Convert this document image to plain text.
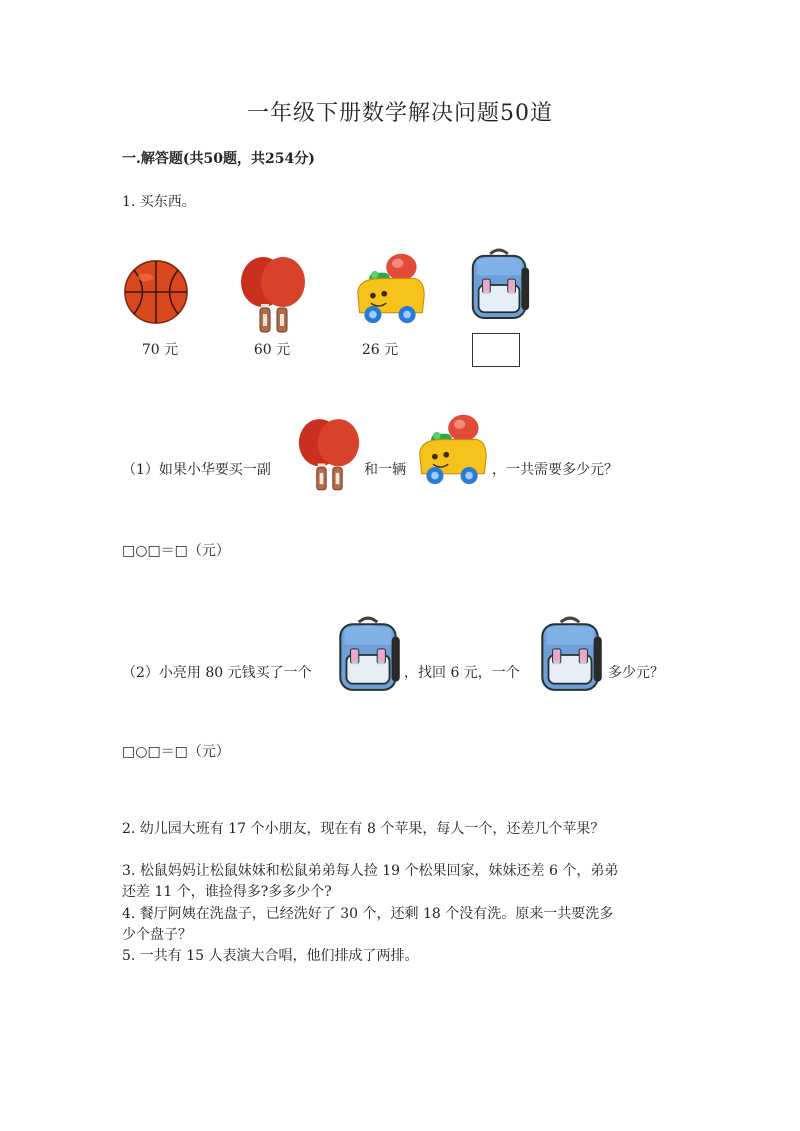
一年级下册数学解决问题50道
一.解答题(共50题，共254分)
1. 买东西。
70 元	60 元	26 元
（1）如果小华要买一副	和一辆	，一共需要多少元？
□○□＝□（元）
（2）小亮用 80 元钱买了一个	，找回 6 元，一个	多少元？
□○□＝□（元）
2. 幼儿园大班有 17 个小朋友，现在有 8 个苹果，每人一个，还差几个苹果？
3. 松鼠妈妈让松鼠妹妹和松鼠弟弟每人捡 19 个松果回家，妹妹还差 6 个，弟弟
还差 11 个，谁捡得多?多多少个?
4. 餐厅阿姨在洗盘子，已经洗好了 30 个，还剩 18 个没有洗。原来一共要洗多
少个盘子？
5. 一共有 15 人表演大合唱，他们排成了两排。
